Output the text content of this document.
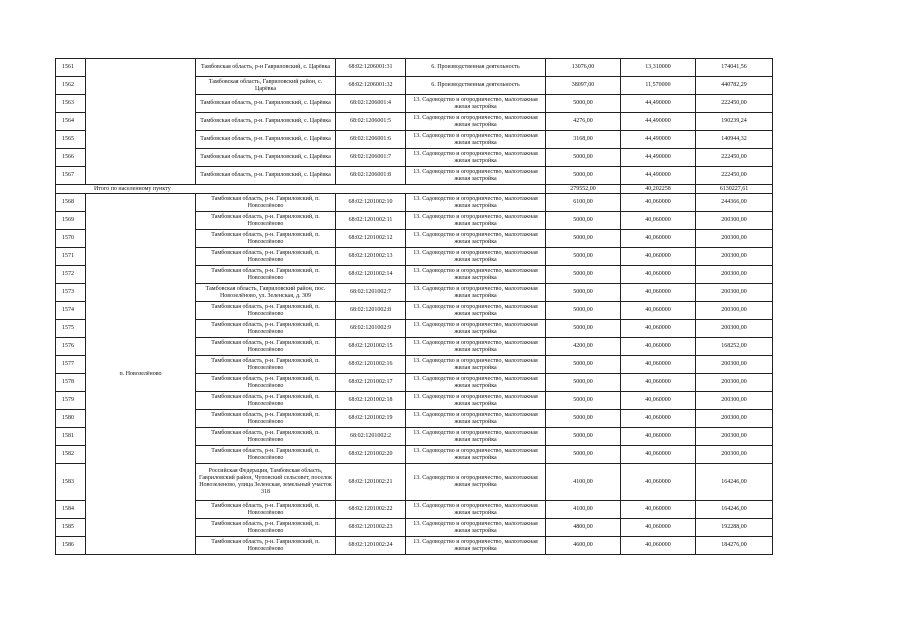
1561		Тамбовская область, р-н Гавриловский, с. Царёвка	68:02:1206001:31	6. Производственная деятельность	13076,00	13,310000	174041,56
1562		Тамбовская область, Гавриловский район, с. Царёвка	68:02:1206001:32	6. Производственная деятельность	38097,00	11,570000	440782,29
1563		Тамбовская область, р-н. Гавриловский, с. Царёвка	68:02:1206001:4	13. Садоводство и огородничество, малоэтажная жилая застройка	5000,00	44,490000	222450,00
1564		Тамбовская область, р-н. Гавриловский, с. Царёвка	68:02:1206001:5	13. Садоводство и огородничество, малоэтажная жилая застройка	4276,00	44,490000	190239,24
1565		Тамбовская область, р-н. Гавриловский, с. Царёвка	68:02:1206001:6	13. Садоводство и огородничество, малоэтажная жилая застройка	3168,00	44,490000	140944,32
1566		Тамбовская область, р-н. Гавриловский, с. Царёвка	68:02:1206001:7	13. Садоводство и огородничество, малоэтажная жилая застройка	5000,00	44,490000	222450,00
1567		Тамбовская область, р-н. Гавриловский, с. Царёвка	68:02:1206001:8	13. Садоводство и огородничество, малоэтажная жилая застройка	5000,00	44,490000	222450,00
Итого по населенному пункту					279552,00	40,202258	6130227,61
1568	п. Новозелёново	Тамбовская область, р-н. Гавриловский, п. Новозелёново	68:02:1201002:10	13. Садоводство и огородничество, малоэтажная жилая застройка	6100,00	40,060000	244366,00
1569		Тамбовская область, р-н. Гавриловский, п. Новозелёново	68:02:1201002:11	13. Садоводство и огородничество, малоэтажная жилая застройка	5000,00	40,060000	200300,00
1570		Тамбовская область, р-н. Гавриловский, п. Новозелёново	68:02:1201002:12	13. Садоводство и огородничество, малоэтажная жилая застройка	5000,00	40,060000	200300,00
1571		Тамбовская область, р-н. Гавриловский, п. Новозелёново	68:02:1201002:13	13. Садоводство и огородничество, малоэтажная жилая застройка	5000,00	40,060000	200300,00
1572		Тамбовская область, р-н. Гавриловский, п. Новозелёново	68:02:1201002:14	13. Садоводство и огородничество, малоэтажная жилая застройка	5000,00	40,060000	200300,00
1573		Тамбовская область, Гавриловский район, пос. Новозелёново, ул. Зеленская, д. 309	68:02:1201002:7	13. Садоводство и огородничество, малоэтажная жилая застройка	5000,00	40,060000	200300,00
1574		Тамбовская область, р-н. Гавриловский, п. Новозелёново	68:02:1201002:8	13. Садоводство и огородничество, малоэтажная жилая застройка	5000,00	40,060000	200300,00
1575		Тамбовская область, р-н. Гавриловский, п. Новозелёново	68:02:1201002:9	13. Садоводство и огородничество, малоэтажная жилая застройка	5000,00	40,060000	200300,00
1576		Тамбовская область, р-н. Гавриловский, п. Новозелёново	68:02:1201002:15	13. Садоводство и огородничество, малоэтажная жилая застройка	4200,00	40,060000	168252,00
1577		Тамбовская область, р-н. Гавриловский, п. Новозелёново	68:02:1201002:16	13. Садоводство и огородничество, малоэтажная жилая застройка	5000,00	40,060000	200300,00
1578		Тамбовская область, р-н. Гавриловский, п. Новозелёново	68:02:1201002:17	13. Садоводство и огородничество, малоэтажная жилая застройка	5000,00	40,060000	200300,00
1579		Тамбовская область, р-н. Гавриловский, п. Новозелёново	68:02:1201002:18	13. Садоводство и огородничество, малоэтажная жилая застройка	5000,00	40,060000	200300,00
1580		Тамбовская область, р-н. Гавриловский, п. Новозелёново	68:02:1201002:19	13. Садоводство и огородничество, малоэтажная жилая застройка	5000,00	40,060000	200300,00
1581		Тамбовская область, р-н. Гавриловский, п. Новозелёново	68:02:1201002:2	13. Садоводство и огородничество, малоэтажная жилая застройка	5000,00	40,060000	200300,00
1582		Тамбовская область, р-н. Гавриловский, п. Новозелёново	68:02:1201002:20	13. Садоводство и огородничество, малоэтажная жилая застройка	5000,00	40,060000	200300,00
1583		Российская Федерация, Тамбовская область, Гавриловский район, Чуповский сельсовет, поселок Новозеленово, улица Зеленская, земельный участок 318	68:02:1201002:21	13. Садоводство и огородничество, малоэтажная жилая застройка	4100,00	40,060000	164246,00
1584		Тамбовская область, р-н. Гавриловский, п. Новозелёново	68:02:1201002:22	13. Садоводство и огородничество, малоэтажная жилая застройка	4100,00	40,060000	164246,00
1585		Тамбовская область, р-н. Гавриловский, п. Новозелёново	68:02:1201002:23	13. Садоводство и огородничество, малоэтажная жилая застройка	4800,00	40,060000	192288,00
1586		Тамбовская область, р-н. Гавриловский, п. Новозелёново	68:02:1201002:24	13. Садоводство и огородничество, малоэтажная жилая застройка	4600,00	40,060000	184276,00
